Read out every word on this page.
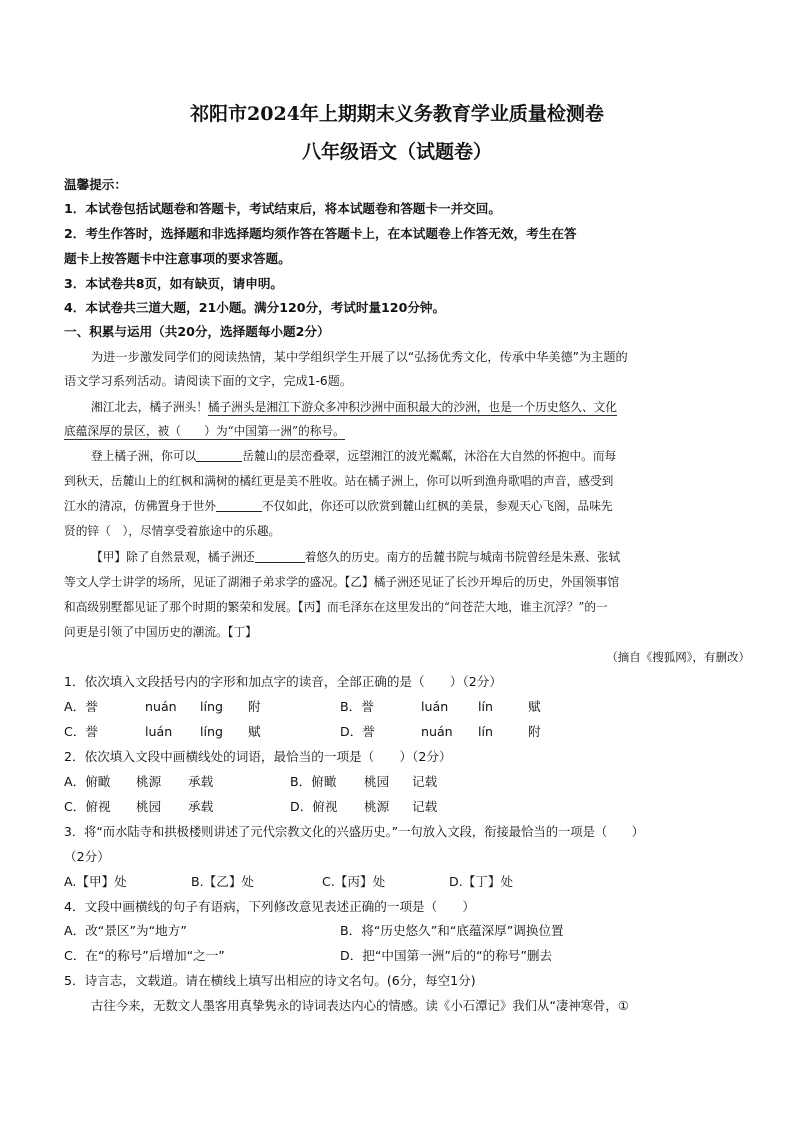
祁阳市2024年上期期末义务教育学业质量检测卷
八年级语文（试题卷）
温馨提示：
1．本试卷包括试题卷和答题卡，考试结束后，将本试题卷和答题卡一并交回。
2．考生作答时，选择题和非选择题均须作答在答题卡上，在本试题卷上作答无效，考生在答
题卡上按答题卡中注意事项的要求答题。
3．本试卷共8页，如有缺页，请申明。
4．本试卷共三道大题，21小题。满分120分，考试时量120分钟。
一、积累与运用（共20分，选择题每小题2分）
为进一步激发同学们的阅读热情，某中学组织学生开展了以“弘扬优秀文化，传承中华美德”为主题的
语文学习系列活动。请阅读下面的文字，完成1-6题。
湘江北去，橘子洲头！橘子洲头是湘江下游众多冲积沙洲中面积最大的沙洲，也是一个历史悠久、文化
底蕴深厚的景区，被（　　）为“中国第一洲”的称号。
登上橘子洲，你可以	岳麓山的层峦叠翠，远望湘江的波光粼粼，沐浴在大自然的怀抱中。而每
到秋天，岳麓山上的红枫和满树的橘红更是美不胜收。站在橘子洲上，你可以听到渔舟歌唱的声音，感受到
江水的清凉，仿佛置身于世外	不仅如此，你还可以欣赏到麓山红枫的美景，参观天心飞阁，品味先
贤的锌（　），尽情享受着旅途中的乐趣。
【甲】除了自然景观，橘子洲还	着悠久的历史。南方的岳麓书院与城南书院曾经是朱熹、张轼
等文人学士讲学的场所，见证了湖湘子弟求学的盛况。【乙】橘子洲还见证了长沙开埠后的历史，外国领事馆
和高级别墅都见证了那个时期的繁荣和发展。【丙】而毛泽东在这里发出的“问苍茫大地，谁主沉浮？”的一
问更是引领了中国历史的潮流。【丁】
（摘自《搜狐网》，有删改）
1．依次填入文段括号内的字形和加点字的读音，全部正确的是（　　）（2分）
A．誉	nuán líng 附	B．誉	luán lín	赋
C．誉	luán líng 赋	D．誉	nuán lín	附
2．依次填入文段中画横线处的词语，最恰当的一项是（　　）（2分）
A．俯瞰 桃源 承载	B．俯瞰 桃园 记载
C．俯视 桃园 承载	D．俯视 桃源 记载
3．将“而水陆寺和拱极楼则讲述了元代宗教文化的兴盛历史。”一句放入文段，衔接最恰当的一项是（　　）
（2分）
A.【甲】处	B.【乙】处	C.【丙】处	D.【丁】处
4．文段中画横线的句子有语病，下列修改意见表述正确的一项是（　　）
A．改“景区”为“地方”	B．将“历史悠久”和“底蕴深厚”调换位置
C．在“的称号”后增加“之一”	D．把“中国第一洲”后的“的称号”删去
5．诗言志，文载道。请在横线上填写出相应的诗文名句。(6分，每空1分)
古往今来，无数文人墨客用真挚隽永的诗词表达内心的情感。读《小石潭记》我们从“凄神寒骨，①
